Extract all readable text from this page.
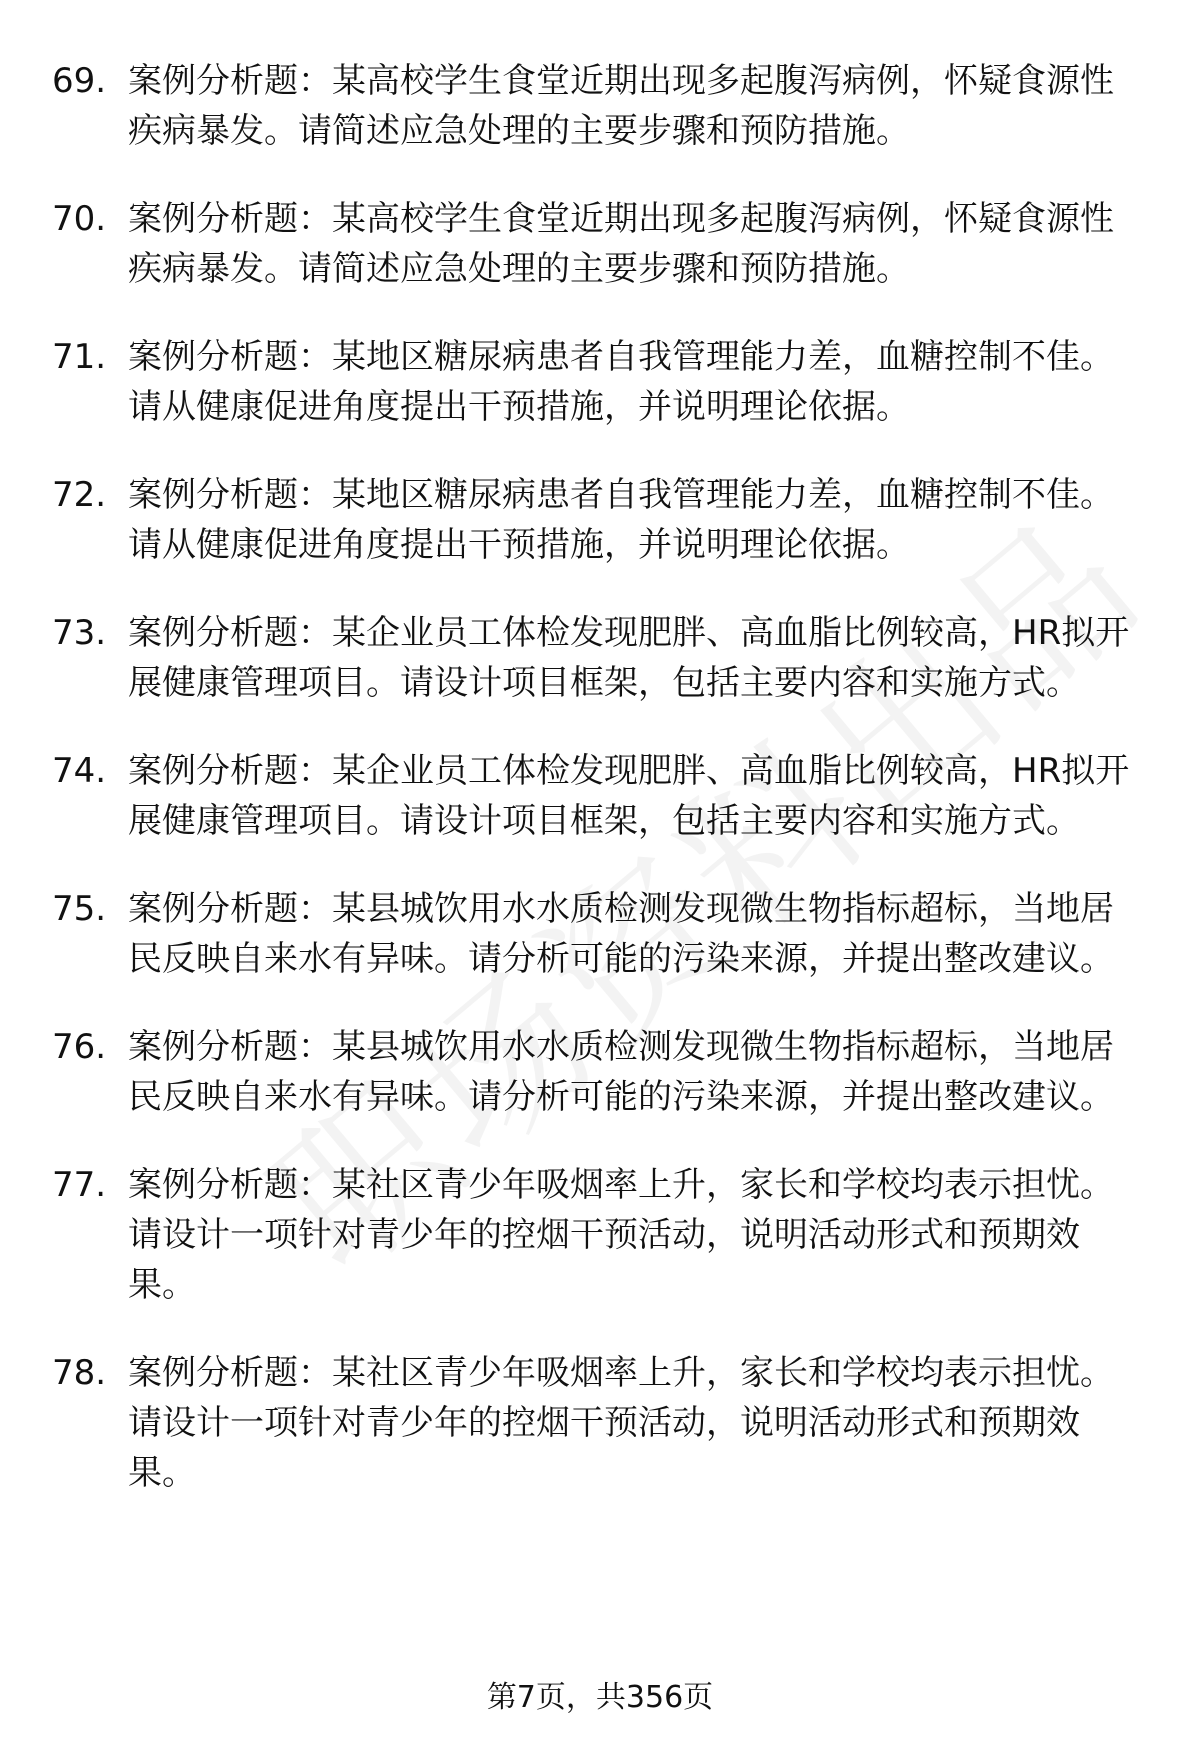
69. 案例分析题：某高校学生食堂近期出现多起腹泻病例，怀疑食源性疾病暴发。请简述应急处理的主要步骤和预防措施。
70. 案例分析题：某高校学生食堂近期出现多起腹泻病例，怀疑食源性疾病暴发。请简述应急处理的主要步骤和预防措施。
71. 案例分析题：某地区糖尿病患者自我管理能力差，血糖控制不佳。请从健康促进角度提出干预措施，并说明理论依据。
72. 案例分析题：某地区糖尿病患者自我管理能力差，血糖控制不佳。请从健康促进角度提出干预措施，并说明理论依据。
73. 案例分析题：某企业员工体检发现肥胖、高血脂比例较高，HR拟开展健康管理项目。请设计项目框架，包括主要内容和实施方式。
74. 案例分析题：某企业员工体检发现肥胖、高血脂比例较高，HR拟开展健康管理项目。请设计项目框架，包括主要内容和实施方式。
75. 案例分析题：某县城饮用水水质检测发现微生物指标超标，当地居民反映自来水有异味。请分析可能的污染来源，并提出整改建议。
76. 案例分析题：某县城饮用水水质检测发现微生物指标超标，当地居民反映自来水有异味。请分析可能的污染来源，并提出整改建议。
77. 案例分析题：某社区青少年吸烟率上升，家长和学校均表示担忧。请设计一项针对青少年的控烟干预活动，说明活动形式和预期效果。
78. 案例分析题：某社区青少年吸烟率上升，家长和学校均表示担忧。请设计一项针对青少年的控烟干预活动，说明活动形式和预期效果。
第7页，共356页
